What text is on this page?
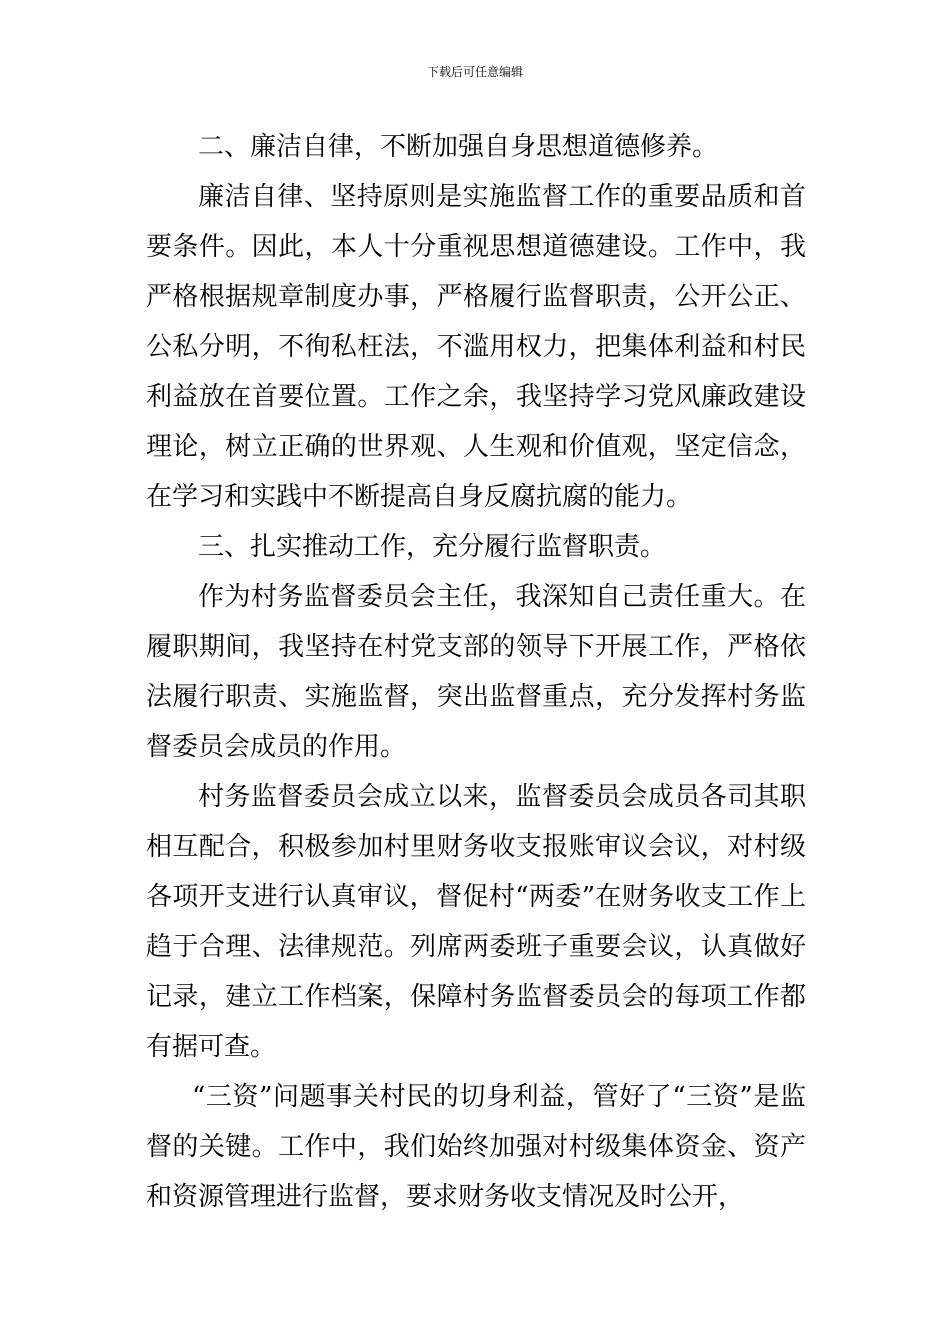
下载后可任意编辑

二、廉洁自律，不断加强自身思想道德修养。

廉洁自律、坚持原则是实施监督工作的重要品质和首要条件。因此，本人十分重视思想道德建设。工作中，我严格根据规章制度办事，严格履行监督职责，公开公正、公私分明，不徇私枉法，不滥用权力，把集体利益和村民利益放在首要位置。工作之余，我坚持学习党风廉政建设理论，树立正确的世界观、人生观和价值观，坚定信念，在学习和实践中不断提高自身反腐抗腐的能力。

三、扎实推动工作，充分履行监督职责。

作为村务监督委员会主任，我深知自己责任重大。在履职期间，我坚持在村党支部的领导下开展工作，严格依法履行职责、实施监督，突出监督重点，充分发挥村务监督委员会成员的作用。

村务监督委员会成立以来，监督委员会成员各司其职相互配合，积极参加村里财务收支报账审议会议，对村级各项开支进行认真审议，督促村“两委”在财务收支工作上趋于合理、法律规范。列席两委班子重要会议，认真做好记录，建立工作档案，保障村务监督委员会的每项工作都有据可查。

“三资”问题事关村民的切身利益，管好了“三资”是监督的关键。工作中，我们始终加强对村级集体资金、资产和资源管理进行监督，要求财务收支情况及时公开，
